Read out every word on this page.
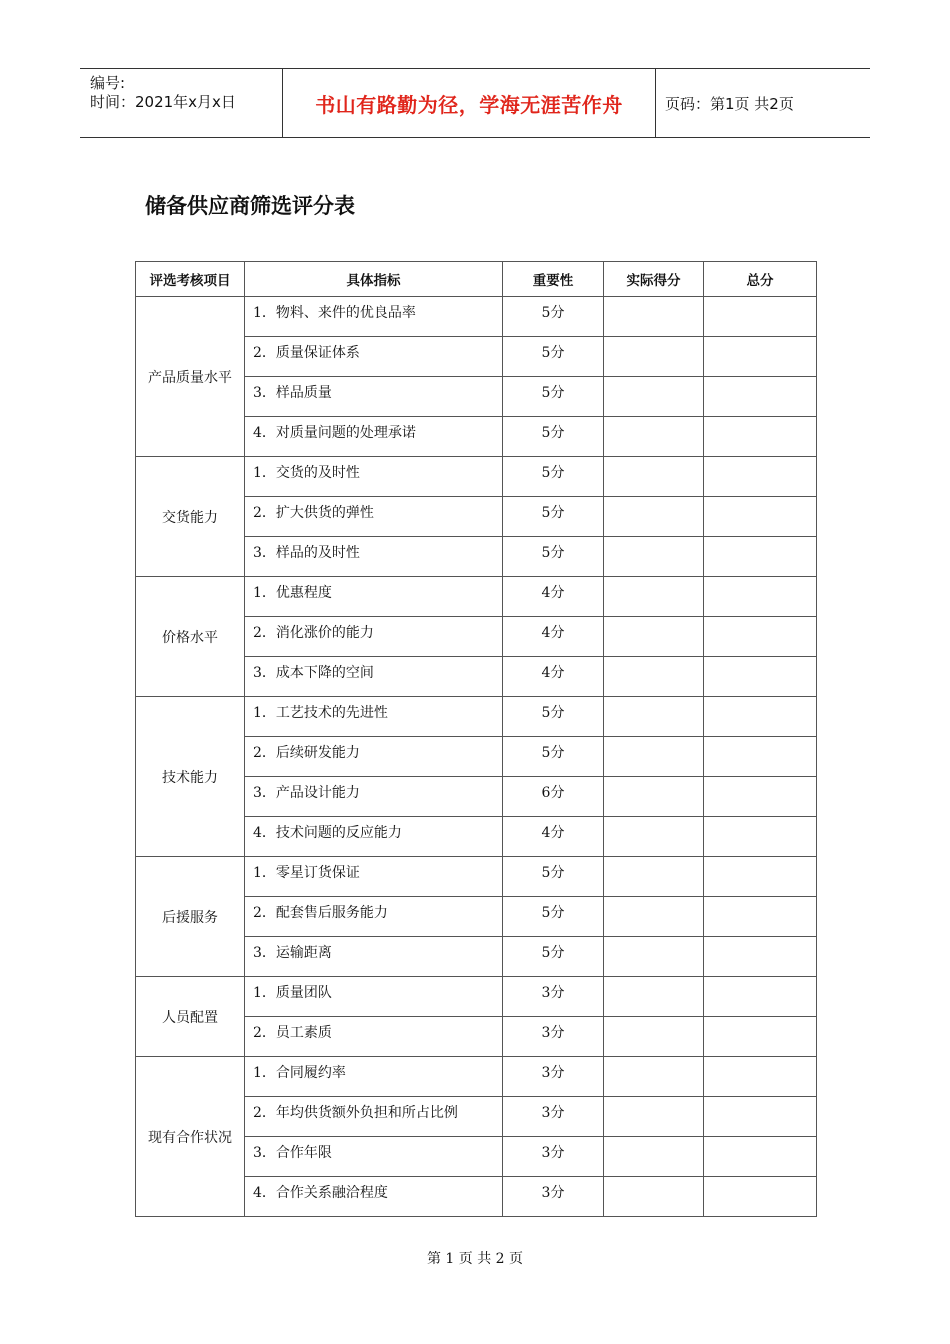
编号:
时间：2021年x月x日	书山有路勤为径，学海无涯苦作舟	页码：第1页 共2页
储备供应商筛选评分表
评选考核项目	具体指标	重要性	实际得分	总分
产品质量水平	1．物料、来件的优良品率	5分		
	2．质量保证体系	5分		
	3．样品质量	5分		
	4．对质量问题的处理承诺	5分		
交货能力	1．交货的及时性	5分		
	2．扩大供货的弹性	5分		
	3．样品的及时性	5分		
价格水平	1．优惠程度	4分		
	2．消化涨价的能力	4分		
	3．成本下降的空间	4分		
技术能力	1．工艺技术的先进性	5分		
	2．后续研发能力	5分		
	3．产品设计能力	6分		
	4．技术问题的反应能力	4分		
后援服务	1．零星订货保证	5分		
	2．配套售后服务能力	5分		
	3．运输距离	5分		
人员配置	1．质量团队	3分		
	2．员工素质	3分		
现有合作状况	1．合同履约率	3分		
	2．年均供货额外负担和所占比例	3分		
	3．合作年限	3分		
	4．合作关系融洽程度	3分		
第 1 页 共 2 页
